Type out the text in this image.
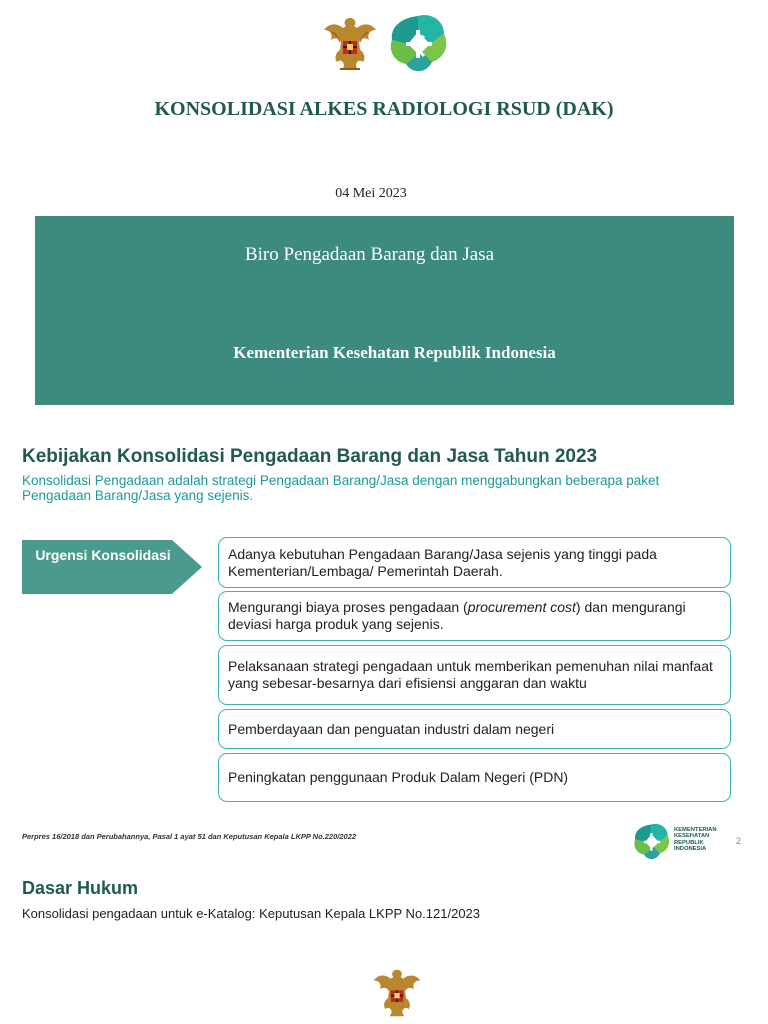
KONSOLIDASI ALKES RADIOLOGI RSUD (DAK)
04 Mei 2023
Biro Pengadaan Barang dan Jasa
Kementerian Kesehatan Republik Indonesia
Kebijakan Konsolidasi Pengadaan Barang dan Jasa Tahun 2023
Konsolidasi Pengadaan adalah strategi Pengadaan Barang/Jasa dengan menggabungkan beberapa paket Pengadaan Barang/Jasa yang sejenis.
Urgensi Konsolidasi	Adanya kebutuhan Pengadaan Barang/Jasa sejenis yang tinggi pada Kementerian/Lembaga/ Pemerintah Daerah.
Mengurangi biaya proses pengadaan (procurement cost) dan mengurangi deviasi harga produk yang sejenis.
Pelaksanaan strategi pengadaan untuk memberikan pemenuhan nilai manfaat yang sebesar-besarnya dari efisiensi anggaran dan waktu
Pemberdayaan dan penguatan industri dalam negeri
Peningkatan penggunaan Produk Dalam Negeri (PDN)
Perpres 16/2018 dan Perubahannya, Pasal 1 ayat 51 dan Keputusan Kepala LKPP No.220/2022
KEMENTERIAN
KESEHATAN
REPUBLIK
INDONESIA
2
Dasar Hukum
Konsolidasi pengadaan untuk e-Katalog: Keputusan Kepala LKPP No.121/2023
